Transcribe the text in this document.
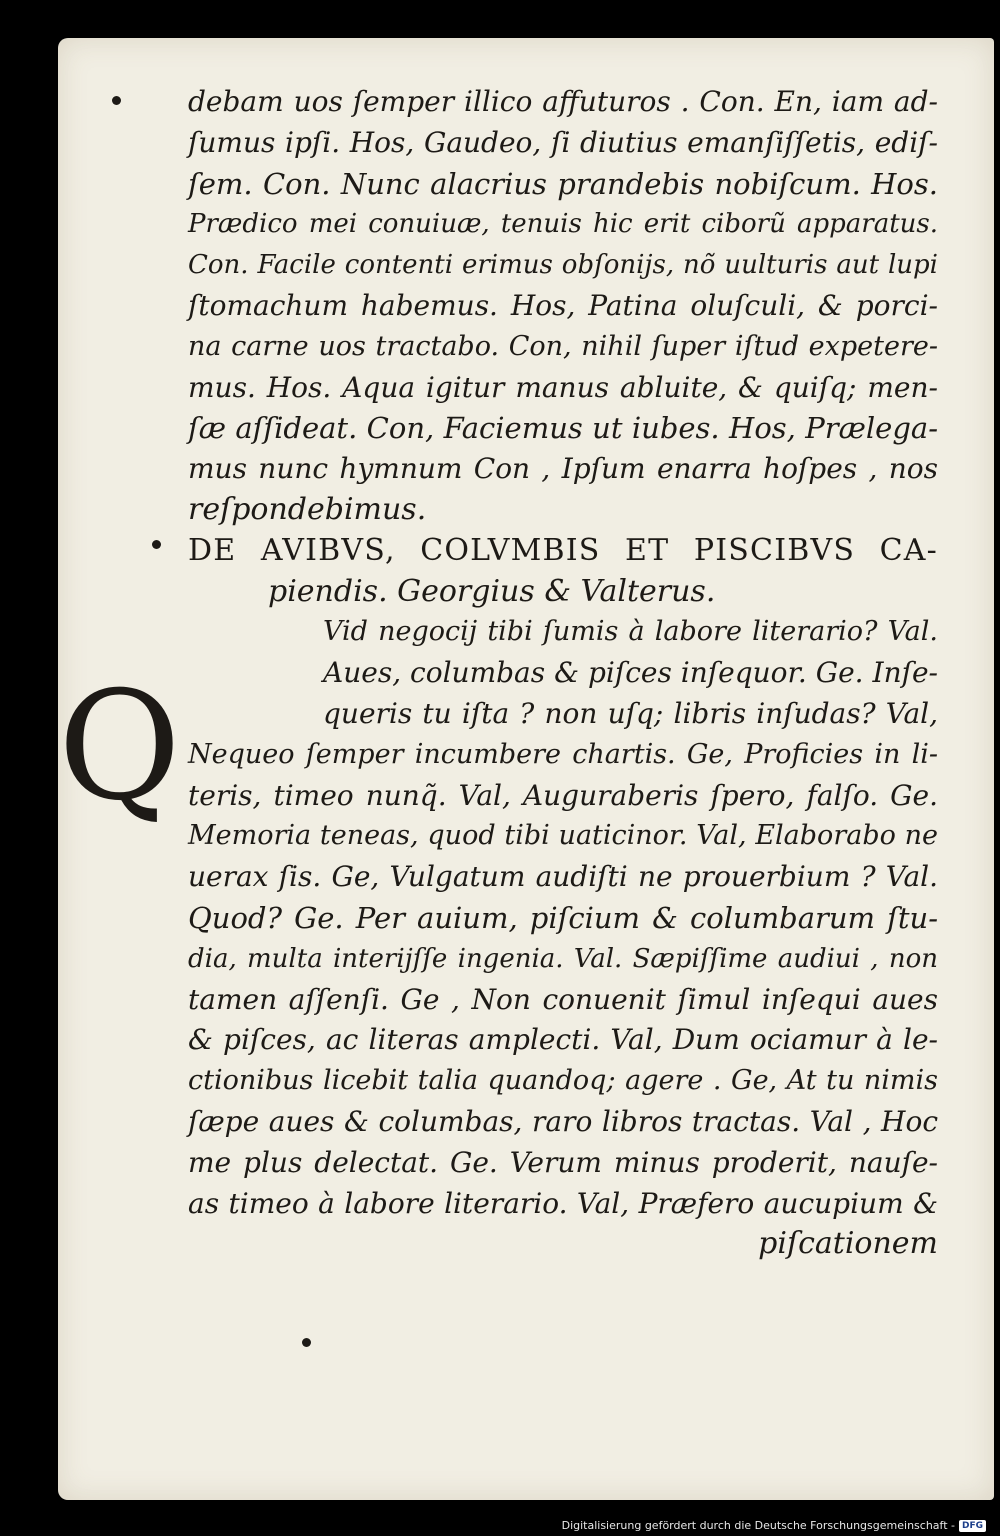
Q
debam uos ſemper illico affuturos . Con. En, iam ad-
ſumus ipſi. Hos, Gaudeo, ſi diutius emanſiſſetis, ediſ-
ſem. Con. Nunc alacrius prandebis nobiſcum. Hos.
Prædico mei conuiuæ, tenuis hic erit ciborũ apparatus.
Con. Facile contenti erimus obſonijs, nõ uulturis aut lupi
ſtomachum habemus. Hos, Patina oluſculi, & porci-
na carne uos tractabo. Con, nihil ſuper iſtud expetere-
mus. Hos. Aqua igitur manus abluite, & quiſq; men-
ſæ aſſideat. Con, Faciemus ut iubes. Hos, Prælega-
mus nunc hymnum Con , Ipſum enarra hoſpes , nos
reſpondebimus.
DE AVIBVS, COLVMBIS ET PISCIBVS CA-
piendis. Georgius & Valterus.
Vid negocij tibi ſumis à labore literario? Val.
Aues, columbas & piſces inſequor. Ge. Inſe-
queris tu iſta ? non uſq; libris inſudas? Val,
Nequeo ſemper incumbere chartis. Ge, Proficies in li-
teris, timeo nunq̃. Val, Auguraberis ſpero, falſo. Ge.
Memoria teneas, quod tibi uaticinor. Val, Elaborabo ne
uerax ſis. Ge, Vulgatum audiſti ne prouerbium ? Val.
Quod? Ge. Per auium, piſcium & columbarum ſtu-
dia, multa interijſſe ingenia. Val. Sæpiſſime audiui , non
tamen aſſenſi. Ge , Non conuenit ſimul inſequi aues
& piſces, ac literas amplecti. Val, Dum ociamur à le-
ctionibus licebit talia quandoq; agere . Ge, At tu nimis
ſæpe aues & columbas, raro libros tractas. Val , Hoc
me plus delectat. Ge. Verum minus proderit, nauſe-
as timeo à labore literario. Val, Præfero aucupium &
piſcationem
Digitalisierung gefördert durch die Deutsche Forschungsgemeinschaft - DFG
